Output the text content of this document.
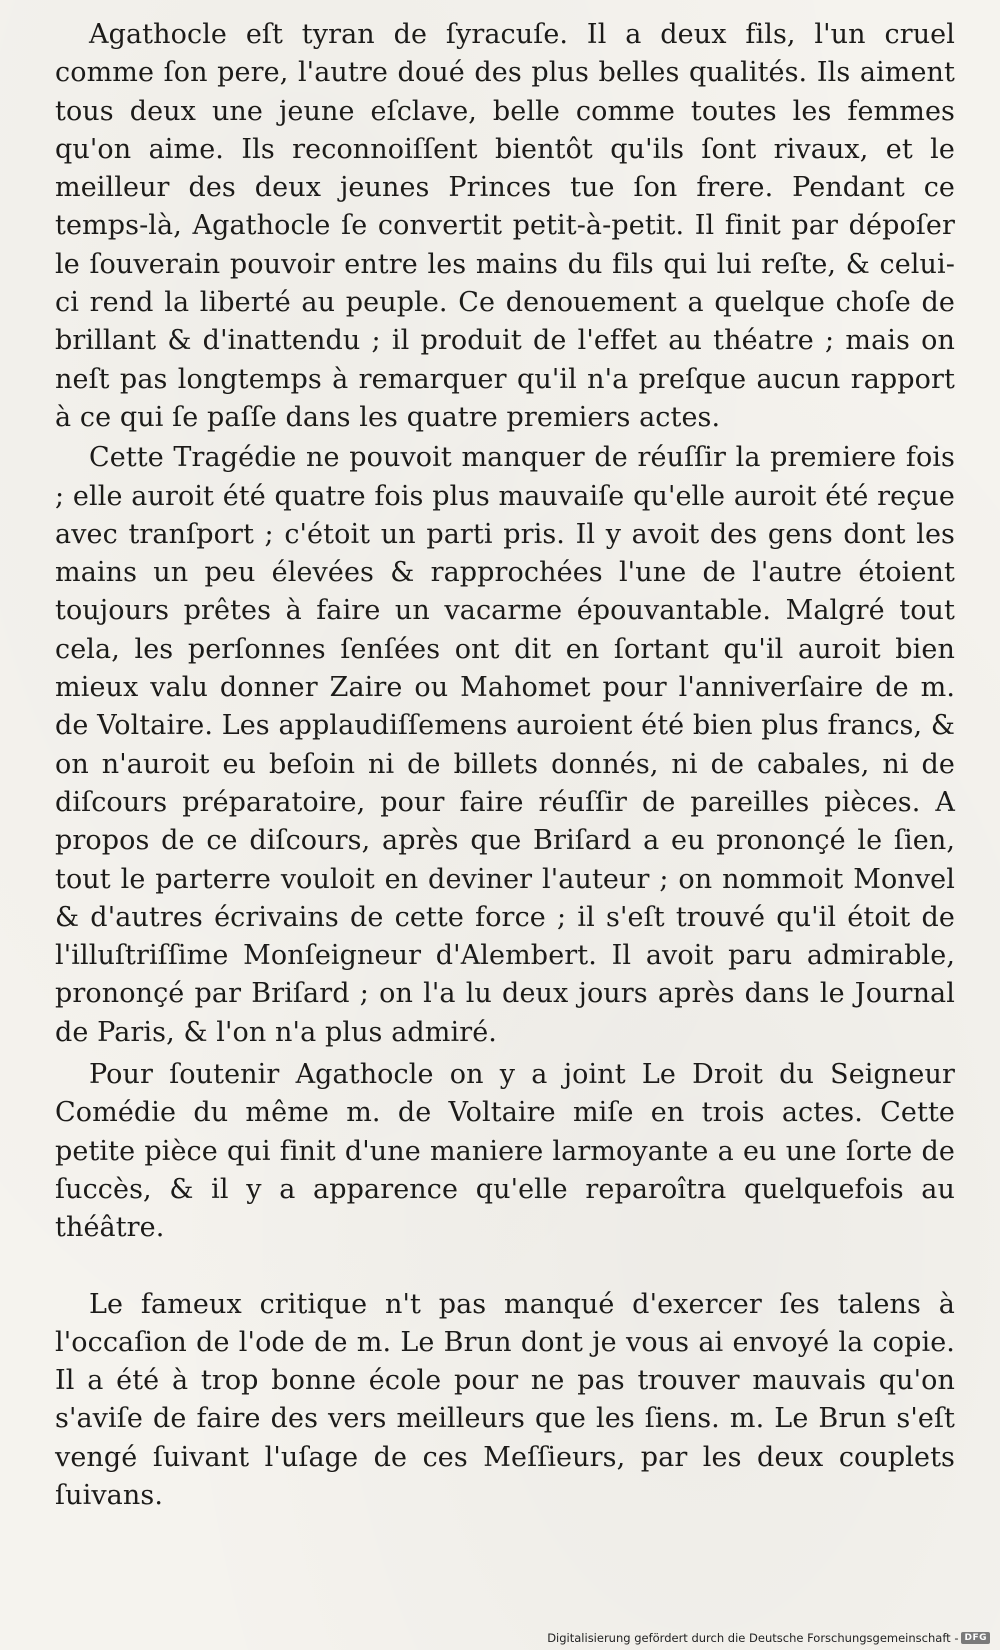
Agathocle eſt tyran de ſyracuſe. Il a deux fils, l'un cruel comme ſon pere, l'autre doué des plus belles qualités. Ils aiment tous deux une jeune eſclave, belle comme toutes les femmes qu'on aime. Ils reconnoiſſent bientôt qu'ils ſont rivaux, et le meilleur des deux jeunes Princes tue ſon frere. Pendant ce temps-là, Agathocle ſe convertit petit-à-petit. Il finit par dépoſer le ſouverain pouvoir entre les mains du fils qui lui reſte, & celui-ci rend la liberté au peuple. Ce denouement a quelque choſe de brillant & d'inattendu ; il produit de l'effet au théatre ; mais on neſt pas longtemps à remarquer qu'il n'a preſque aucun rapport à ce qui ſe paſſe dans les quatre premiers actes.

Cette Tragédie ne pouvoit manquer de réuſſir la premiere fois ; elle auroit été quatre fois plus mauvaiſe qu'elle auroit été reçue avec tranſport ; c'étoit un parti pris. Il y avoit des gens dont les mains un peu élevées & rapprochées l'une de l'autre étoient toujours prêtes à faire un vacarme épouvantable. Malgré tout cela, les perſonnes ſenſées ont dit en ſortant qu'il auroit bien mieux valu donner Zaire ou Mahomet pour l'anniverſaire de m. de Voltaire. Les applaudiſſemens auroient été bien plus francs, & on n'auroit eu beſoin ni de billets donnés, ni de cabales, ni de diſcours préparatoire, pour faire réuſſir de pareilles pièces. A propos de ce diſcours, après que Briſard a eu prononçé le ſien, tout le parterre vouloit en deviner l'auteur ; on nommoit Monvel & d'autres écrivains de cette force ; il s'eſt trouvé qu'il étoit de l'illuſtriſſime Monſeigneur d'Alembert. Il avoit paru admirable, prononçé par Briſard ; on l'a lu deux jours après dans le Journal de Paris, & l'on n'a plus admiré.

Pour ſoutenir Agathocle on y a joint Le Droit du Seigneur Comédie du même m. de Voltaire miſe en trois actes. Cette petite pièce qui finit d'une maniere larmoyante a eu une ſorte de ſuccès, & il y a apparence qu'elle reparoîtra quelquefois au théâtre.

Le fameux critique n't pas manqué d'exercer ſes talens à l'occaſion de l'ode de m. Le Brun dont je vous ai envoyé la copie. Il a été à trop bonne école pour ne pas trouver mauvais qu'on s'aviſe de faire des vers meilleurs que les ſiens. m. Le Brun s'eſt vengé ſuivant l'uſage de ces Meſſieurs, par les deux couplets ſuivans.

Digitalisierung gefördert durch die Deutsche Forschungsgemeinschaft - DFG
